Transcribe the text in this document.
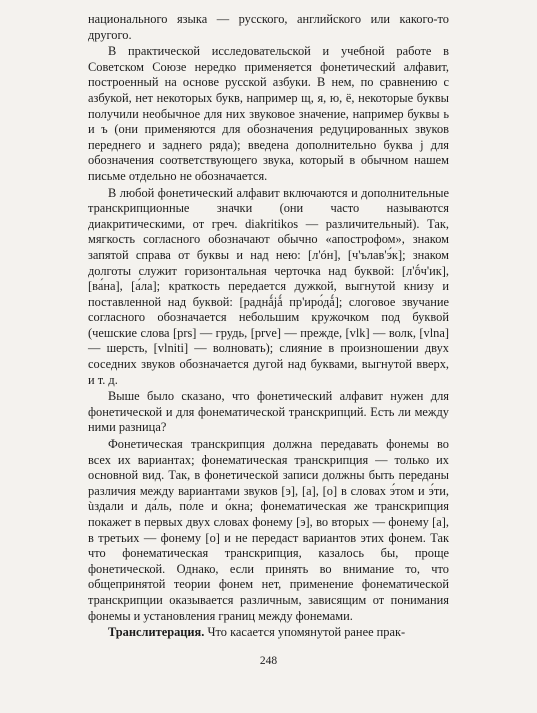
национального языка — русского, английского или какого-то другого.

В практической исследовательской и учебной работе в Советском Союзе нередко применяется фонетический алфавит, построенный на основе русской азбуки. В нем, по сравнению с азбукой, нет некоторых букв, например щ, я, ю, ё, некоторые буквы получили необычное для них звуковое значение, например буквы ь и ъ (они применяются для обозначения редуцированных звуков переднего и заднего ряда); введена дополнительно буква j для обозначения соответствующего звука, который в обычном нашем письме отдельно не обозначается.

В любой фонетический алфавит включаются и дополнительные транскрипционные значки (они часто называются диакритическими, от греч. diakritikos — различительный). Так, мягкость согласного обозначают обычно «апострофом», знаком запятой справа от буквы и над нею: [л'óн], [ч'ълав'э́к]; знаком долготы служит горизонтальная черточка над буквой: [л'ṓч'ик], [ва́на], [а́ла]; краткость передается дужкой, выгнутой книзу и поставленной над буквой: [раднǻjǻ пр'иро́дǻ]; слоговое звучание согласного обозначается небольшим кружочком под буквой (чешские слова [prs] — грудь, [prve] — прежде, [vlk] — волк, [vlna] — шерсть, [vlniti] — волновать); слияние в произношении двух соседних звуков обозначается дугой над буквами, выгнутой вверх, и т. д.

Выше было сказано, что фонетический алфавит нужен для фонетической и для фонематической транскрипций. Есть ли между ними разница?

Фонетическая транскрипция должна передавать фонемы во всех их вариантах; фонематическая транскрипция — только их основной вид. Так, в фонетической записи должны быть переданы различия между вариантами звуков [э], [а], [о] в словах э́том и э́ти, ùздали и да́ль, по́ле и о́кна; фонематическая же транскрипция покажет в первых двух словах фонему [э], во вторых — фонему [а], в третьих — фонему [о] и не передаст вариантов этих фонем. Так что фонематическая транскрипция, казалось бы, проще фонетической. Однако, если принять во внимание то, что общепринятой теории фонем нет, применение фонематической транскрипции оказывается различным, зависящим от понимания фонемы и установления границ между фонемами.

Транслитерация. Что касается упомянутой ранее прак-

248
